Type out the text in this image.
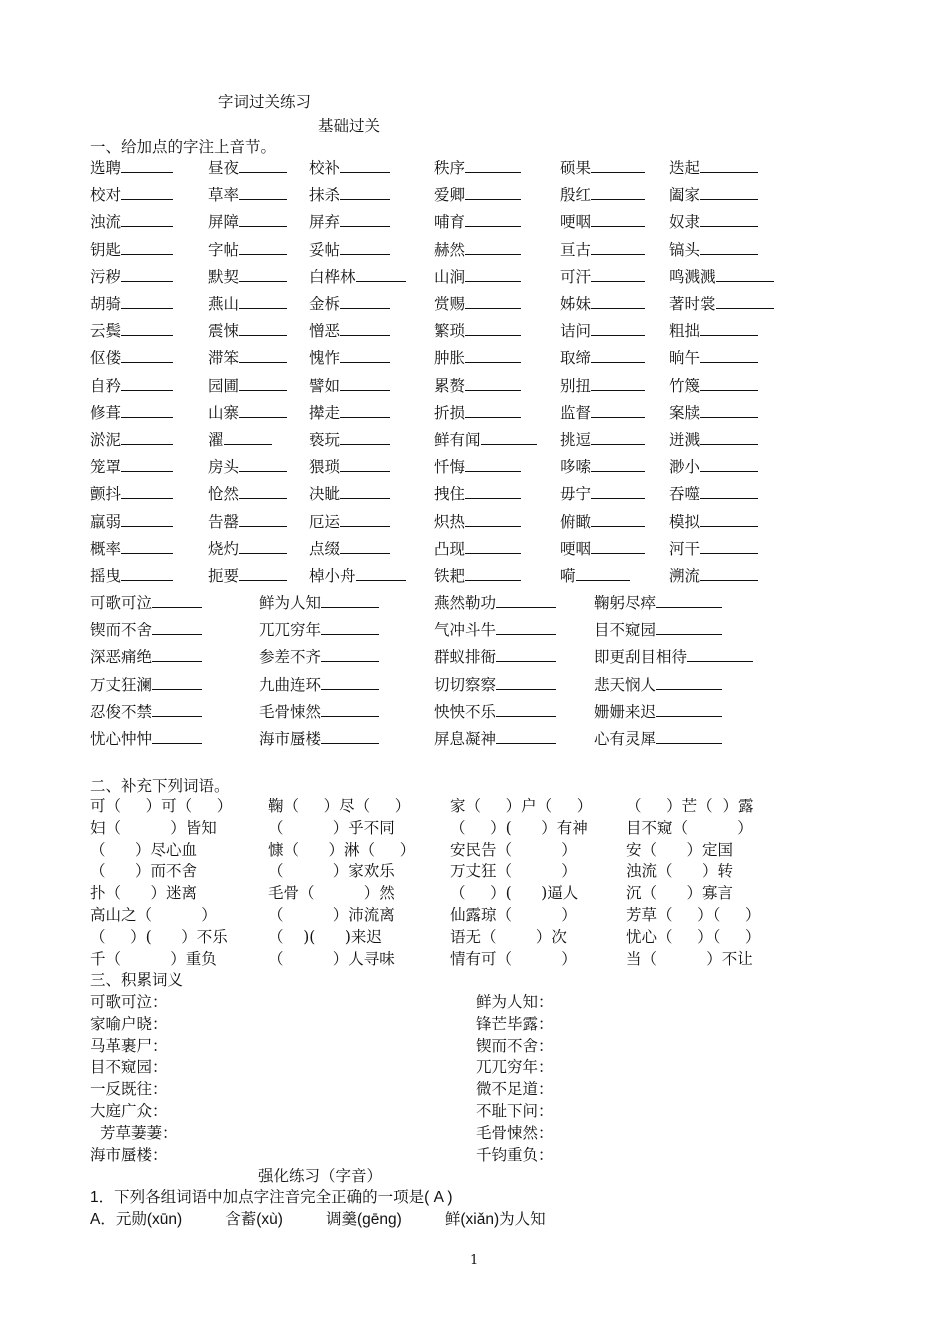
字词过关练习
基础过关
一、给加点的字注上音节。
选聘	昼夜	校补	秩序	硕果	迭起
校对	草率	抹杀	爱卿	殷红	阖家
浊流	屏障	屏弃	哺育	哽咽	奴隶
钥匙	字帖	妥帖	赫然	亘古	镐头
污秽	默契	白桦林	山涧	可汗	鸣溅溅
胡骑	燕山	金柝	赏赐	姊妹	著时裳
云鬓	震悚	憎恶	繁琐	诘问	粗拙
伛偻	滞笨	愧怍	肿胀	取缔	晌午
自矜	园圃	譬如	累赘	别扭	竹篾
修葺	山寨	撵走	折损	监督	案牍
淤泥	濯	亵玩	鲜有闻	挑逗	迸溅
笼罩	房头	猥琐	忏悔	哆嗦	渺小
颤抖	怆然	决眦	拽住	毋宁	吞噬
羸弱	告罄	厄运	炽热	俯瞰	模拟
概率	烧灼	点缀	凸现	哽咽	河干
摇曳	扼要	棹小舟	铁耙	嗬	溯流
可歌可泣	鲜为人知	燕然勒功	鞠躬尽瘁
锲而不舍	兀兀穷年	气冲斗牛	目不窥园
深恶痛绝	参差不齐	群蚁排衙	即更刮目相待
万丈狂澜	九曲连环	切切察察	悲天悯人
忍俊不禁	毛骨悚然	怏怏不乐	姗姗来迟
忧心忡忡	海市蜃楼	屏息凝神	心有灵犀
二、补充下列词语。
可（     ）可（     ） 鞠（     ）尽（     ）	家（     ）户（     ） （     ）芒（  ）露
妇（          ）皆知	（          ）乎不同	（     ）(      ）有神 目不窥（          ）
（      ）尽心血	慷（      ）淋（     ） 安民告（          ）	安（      ）定国
（      ）而不舍	（          ）家欢乐	万丈狂（          ）	浊流（      ）转
扑（      ）迷离	毛骨（          ）然	（     ）(      )逼人	沉（      ）寡言
高山之（          ）	（          ）沛流离	仙露琼（          ）	芳草（     ）（     ）
（     ）(      ）不乐	（    )(      )来迟	语无（        ）次	忧心（     ）（     ）
千（          ）重负	（          ）人寻味	情有可（          ）	当（          ）不让
三、积累词义
可歌可泣：
家喻户晓：
马革裹尸：
目不窥园：
一反既往：
大庭广众：
芳草萋萋：
海市蜃楼：
鲜为人知：
锋芒毕露：
锲而不舍：
兀兀穷年：
微不足道：
不耻下问：
毛骨悚然：
千钧重负：
强化练习（字音）
1．下列各组词语中加点字注音完全正确的一项是( A )
A．元勋(xūn)          含蓄(xù)          调羹(gēng)          鲜(xiǎn)为人知
1
